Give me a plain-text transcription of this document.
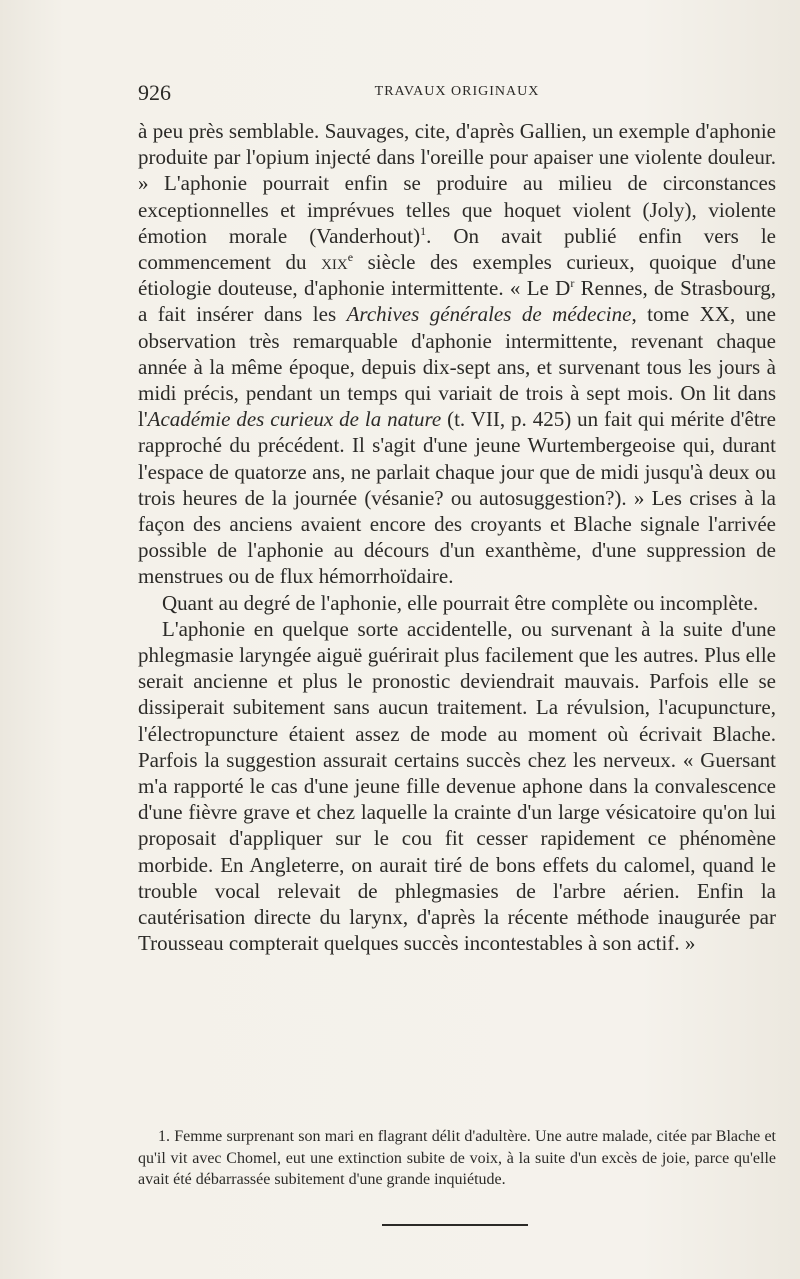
926	TRAVAUX ORIGINAUX

à peu près semblable. Sauvages, cite, d'après Gallien, un exemple d'aphonie produite par l'opium injecté dans l'oreille pour apaiser une violente douleur. » L'aphonie pourrait enfin se produire au milieu de circonstances exceptionnelles et imprévues telles que hoquet violent (Joly), violente émotion morale (Vanderhout)$^1$. On avait publié enfin vers le commencement du xix$^e$ siècle des exemples curieux, quoique d'une étiologie douteuse, d'aphonie intermittente. « Le $D^r$ Rennes, de Strasbourg, a fait insérer dans les Archives générales de médecine, tome XX, une observation très remarquable d'aphonie intermittente, revenant chaque année à la même époque, depuis dix-sept ans, et survenant tous les jours à midi précis, pendant un temps qui variait de trois à sept mois. On lit dans l'Académie des curieux de la nature (t. VII, p. 425) un fait qui mérite d'être rapproché du précédent. Il s'agit d'une jeune Wurtembergeoise qui, durant l'espace de quatorze ans, ne parlait chaque jour que de midi jusqu'à deux ou trois heures de la journée (vésanie? ou autosuggestion?). » Les crises à la façon des anciens avaient encore des croyants et Blache signale l'arrivée possible de l'aphonie au décours d'un exanthème, d'une suppression de menstrues ou de flux hémorrhoïdaire.

Quant au degré de l'aphonie, elle pourrait être complète ou incomplète.

L'aphonie en quelque sorte accidentelle, ou survenant à la suite d'une phlegmasie laryngée aiguë guérirait plus facilement que les autres. Plus elle serait ancienne et plus le pronostic deviendrait mauvais. Parfois elle se dissiperait subitement sans aucun traitement. La révulsion, l'acupuncture, l'électropuncture étaient assez de mode au moment où écrivait Blache. Parfois la suggestion assurait certains succès chez les nerveux. « Guersant m'a rapporté le cas d'une jeune fille devenue aphone dans la convalescence d'une fièvre grave et chez laquelle la crainte d'un large vésicatoire qu'on lui proposait d'appliquer sur le cou fit cesser rapidement ce phénomène morbide. En Angleterre, on aurait tiré de bons effets du calomel, quand le trouble vocal relevait de phlegmasies de l'arbre aérien. Enfin la cautérisation directe du larynx, d'après la récente méthode inaugurée par Trousseau compterait quelques succès incontestables à son actif. »

1. Femme surprenant son mari en flagrant délit d'adultère. Une autre malade, citée par Blache et qu'il vit avec Chomel, eut une extinction subite de voix, à la suite d'un excès de joie, parce qu'elle avait été débarrassée subitement d'une grande inquiétude.
